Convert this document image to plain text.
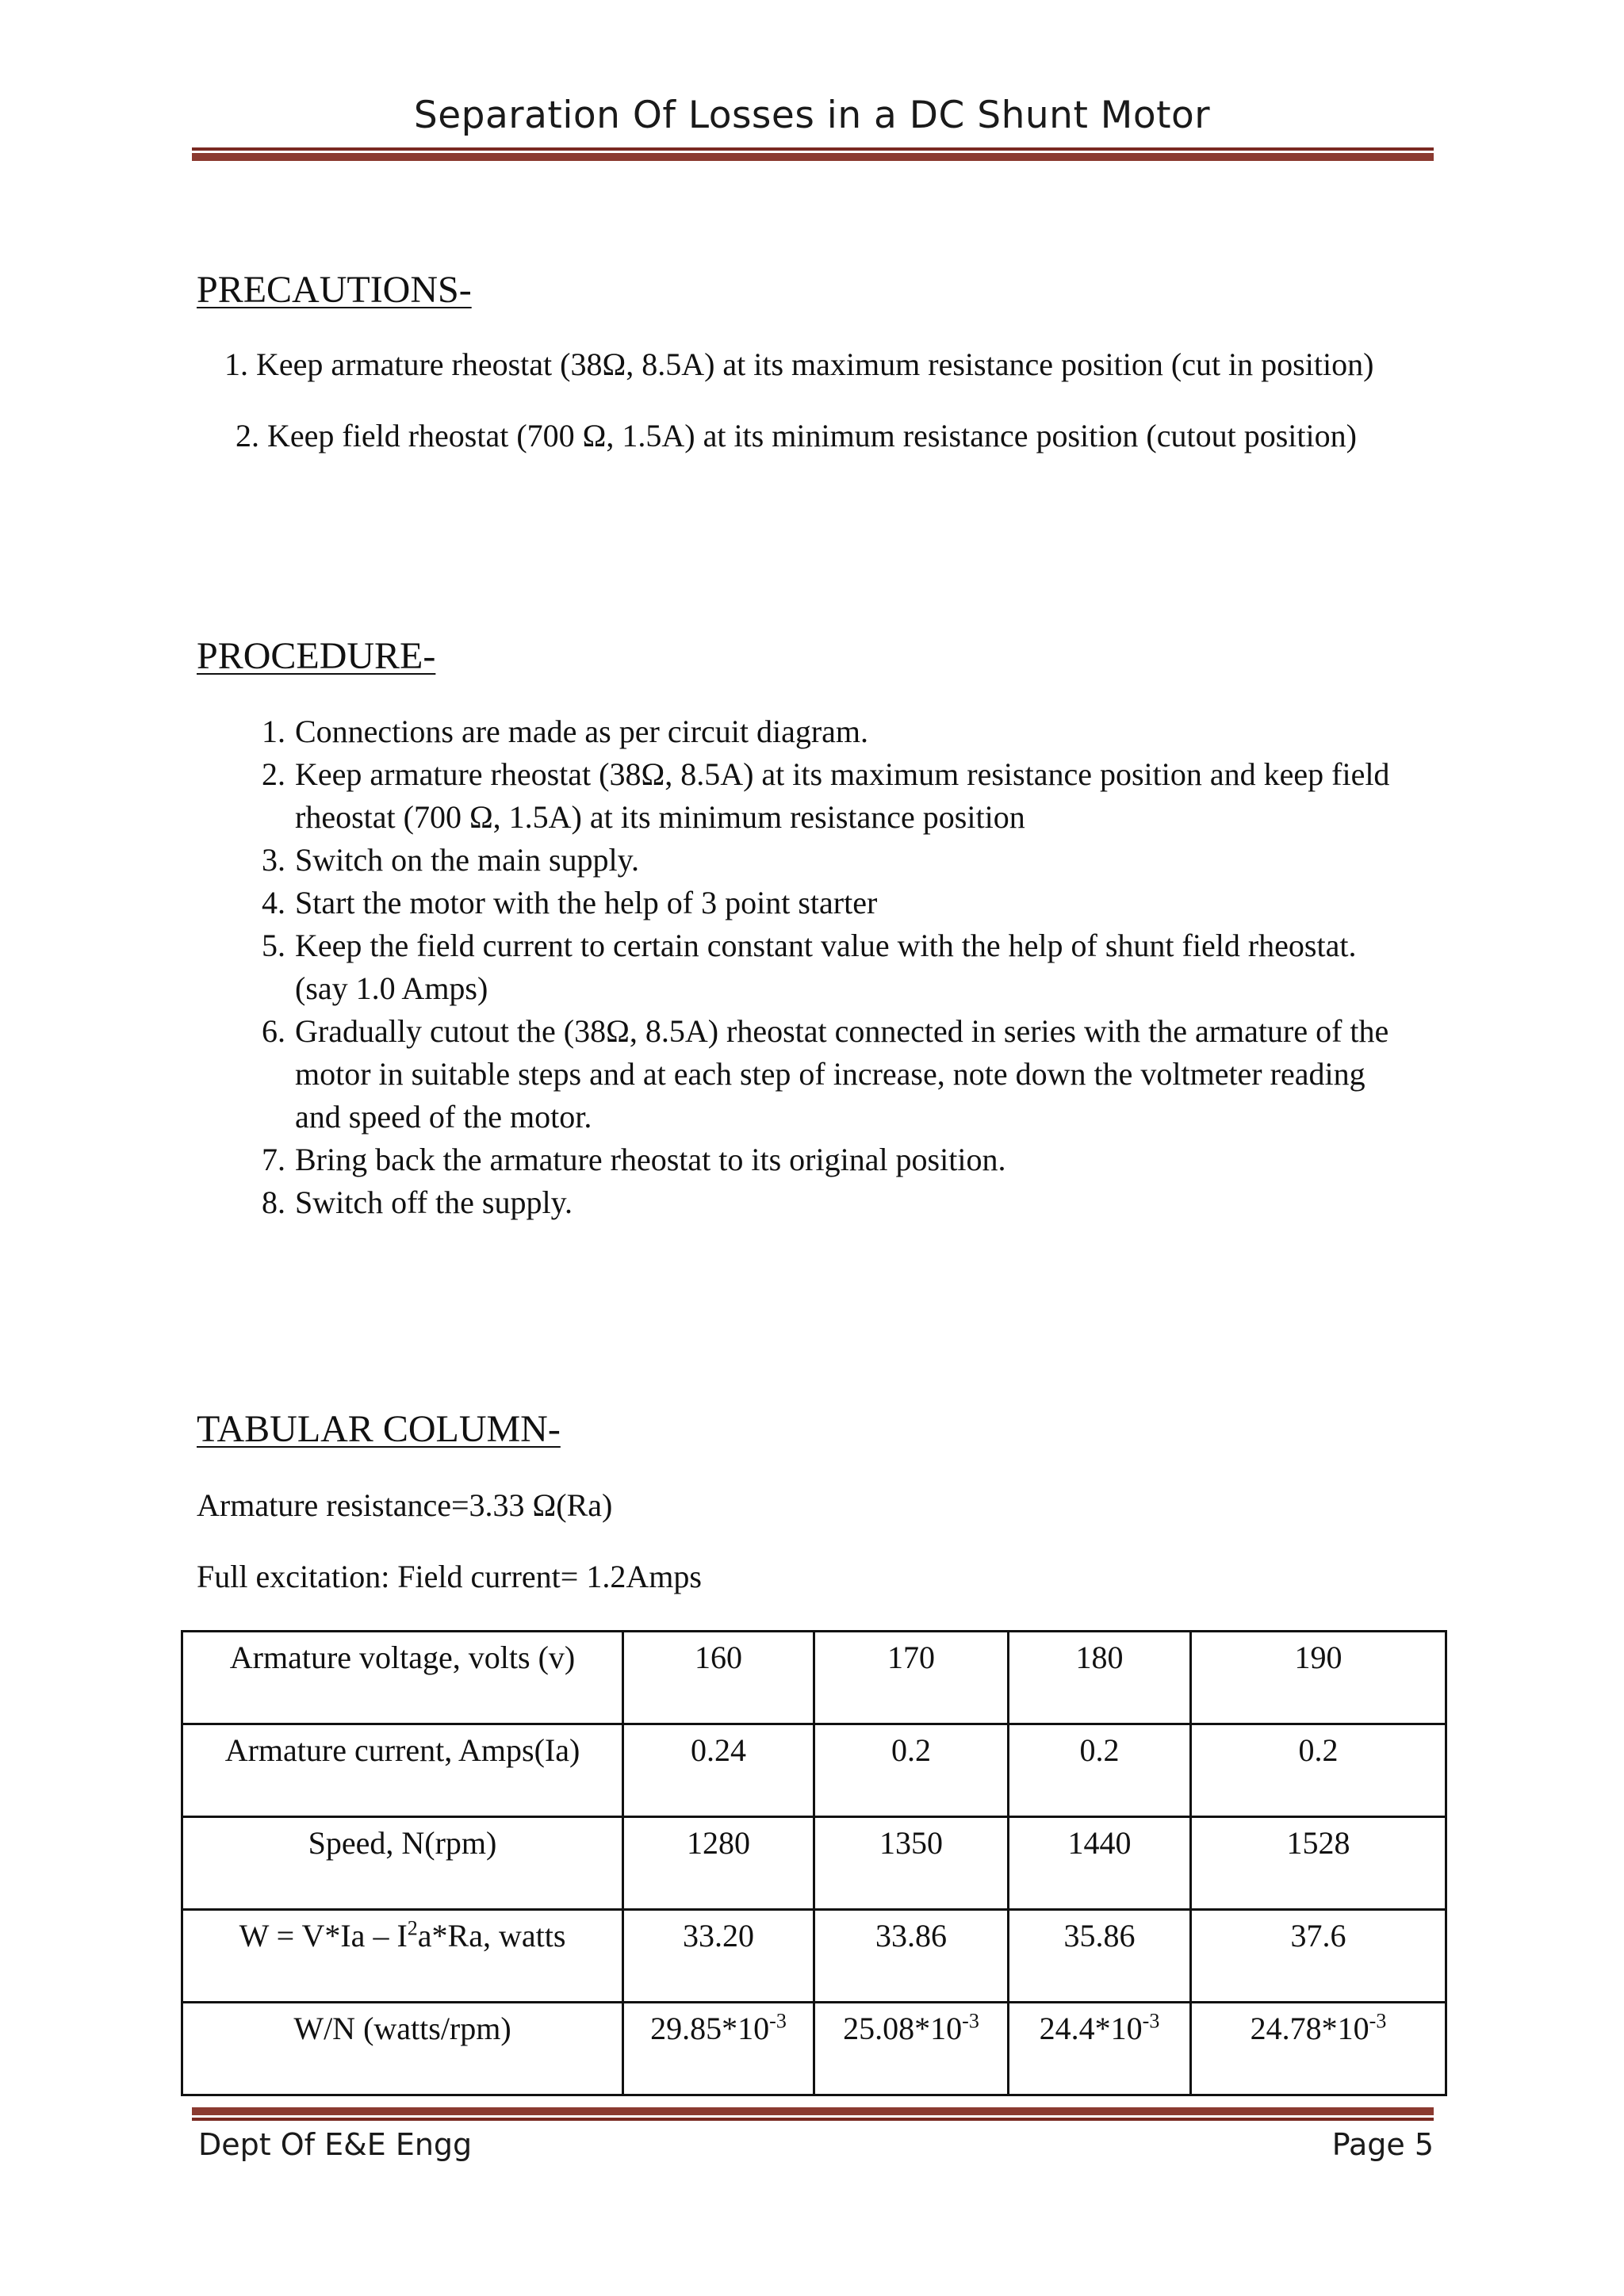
Separation Of Losses in a DC Shunt Motor
PRECAUTIONS-
1. Keep armature rheostat (38Ω, 8.5A) at its maximum resistance position (cut in position)
2. Keep field rheostat (700 Ω, 1.5A) at its minimum resistance position (cutout position)
PROCEDURE-
1. Connections are made as per circuit diagram.
2. Keep armature rheostat (38Ω, 8.5A) at its maximum resistance position and keep field
rheostat (700 Ω, 1.5A) at its minimum resistance position
3. Switch on the main supply.
4. Start the motor with the help of 3 point starter
5. Keep the field current to certain constant value with the help of shunt field rheostat.
(say 1.0 Amps)
6. Gradually cutout the (38Ω, 8.5A) rheostat connected in series with the armature of the
motor in suitable steps and at each step of increase, note down the voltmeter reading
and speed of the motor.
7. Bring back the armature rheostat to its original position.
8. Switch off the supply.
TABULAR COLUMN-
Armature resistance=3.33 Ω(Ra)
Full excitation: Field current= 1.2Amps
Armature voltage, volts (v)	160	170	180	190
Armature current, Amps(Ia)	0.24	0.2	0.2	0.2
Speed, N(rpm)	1280	1350	1440	1528
$W = V*Ia - I^2a*Ra$, watts	33.20	33.86	35.86	37.6
W/N (watts/rpm)	$29.85*10^{-3}$	$25.08*10^{-3}$	$24.4*10^{-3}$	$24.78*10^{-3}$
Dept Of E&E Engg	Page 5
